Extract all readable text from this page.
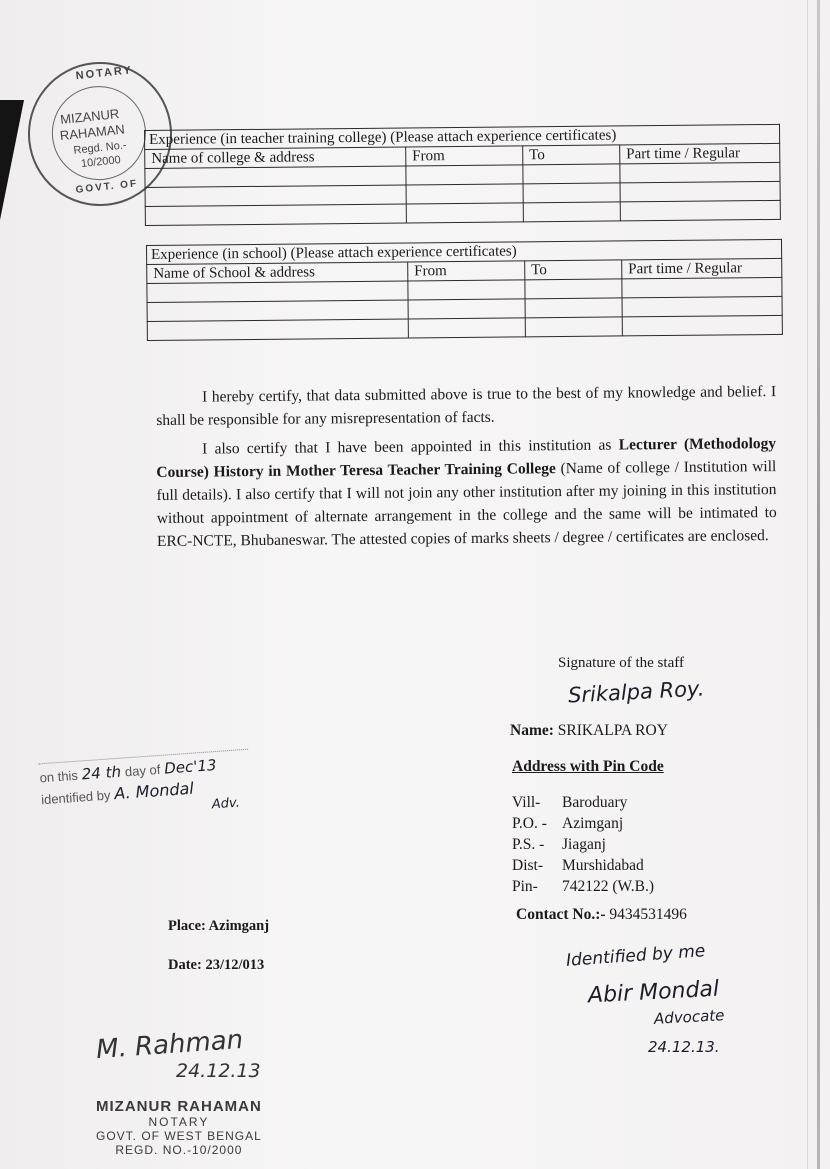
NOTARY
MIZANUR
RAHAMAN
Regd. No.-
10/2000
GOVT. OF
Experience (in teacher training college) (Please attach experience certificates)			
Name of college & address	From	To	Part time / Regular

Experience (in school) (Please attach experience certificates)			
Name of School & address	From	To	Part time / Regular

I hereby certify, that data submitted above is true to the best of my knowledge and belief. I shall be responsible for any misrepresentation of facts.
I also certify that I have been appointed in this institution as Lecturer (Methodology Course) History in Mother Teresa Teacher Training College (Name of college / Institution will full details). I also certify that I will not join any other institution after my joining in this institution without appointment of alternate arrangement in the college and the same will be intimated to ERC-NCTE, Bhubaneswar. The attested copies of marks sheets / degree / certificates are enclosed.
Signature of the staff
Srikalpa Roy.
Name: SRIKALPA ROY
Address with Pin Code
Vill- Baroduary
P.O. - Azimganj
P.S. - Jiaganj
Dist- Murshidabad
Pin- 742122 (W.B.)
Contact No.:- 9434531496
Place: Azimganj
Date: 23/12/013
on this 24 th day of Dec'13
identified by A. Mondal
Adv.
Identified by me
Abir Mondal
Advocate
24.12.13.
M. Rahman
24.12.13
MIZANUR RAHAMAN
NOTARY
GOVT. OF WEST BENGAL
REGD. NO.-10/2000
